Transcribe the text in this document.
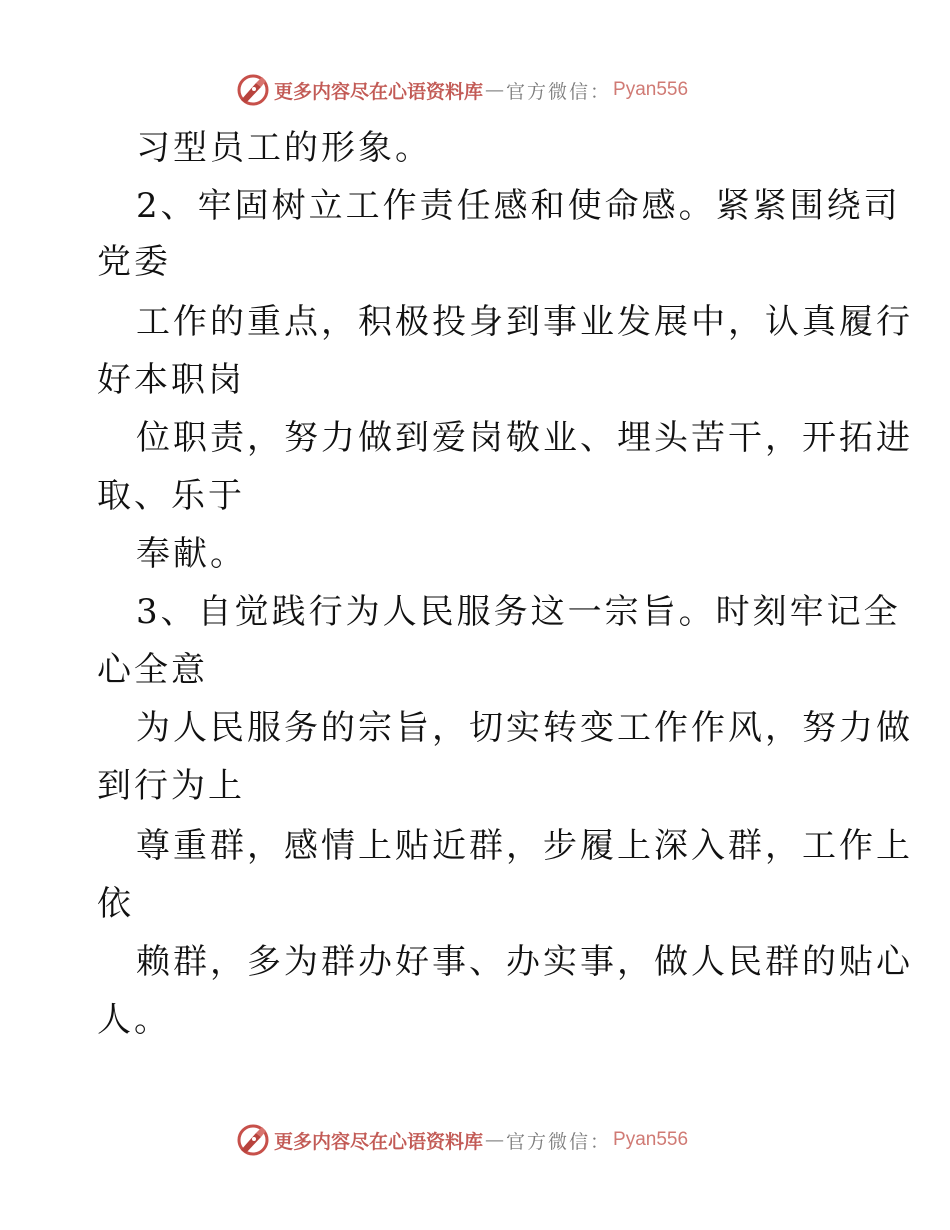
更多内容尽在心语资料库 — 官方微信： Pyan556
习型员工的形象。
2、牢固树立工作责任感和使命感。紧紧围绕司
党委
工作的重点，积极投身到事业发展中，认真履行
好本职岗
位职责，努力做到爱岗敬业、埋头苦干，开拓进
取、乐于
奉献。
3、自觉践行为人民服务这一宗旨。时刻牢记全
心全意
为人民服务的宗旨，切实转变工作作风，努力做
到行为上
尊重群，感情上贴近群，步履上深入群，工作上
依
赖群，多为群办好事、办实事，做人民群的贴心
人。
更多内容尽在心语资料库 — 官方微信： Pyan556
